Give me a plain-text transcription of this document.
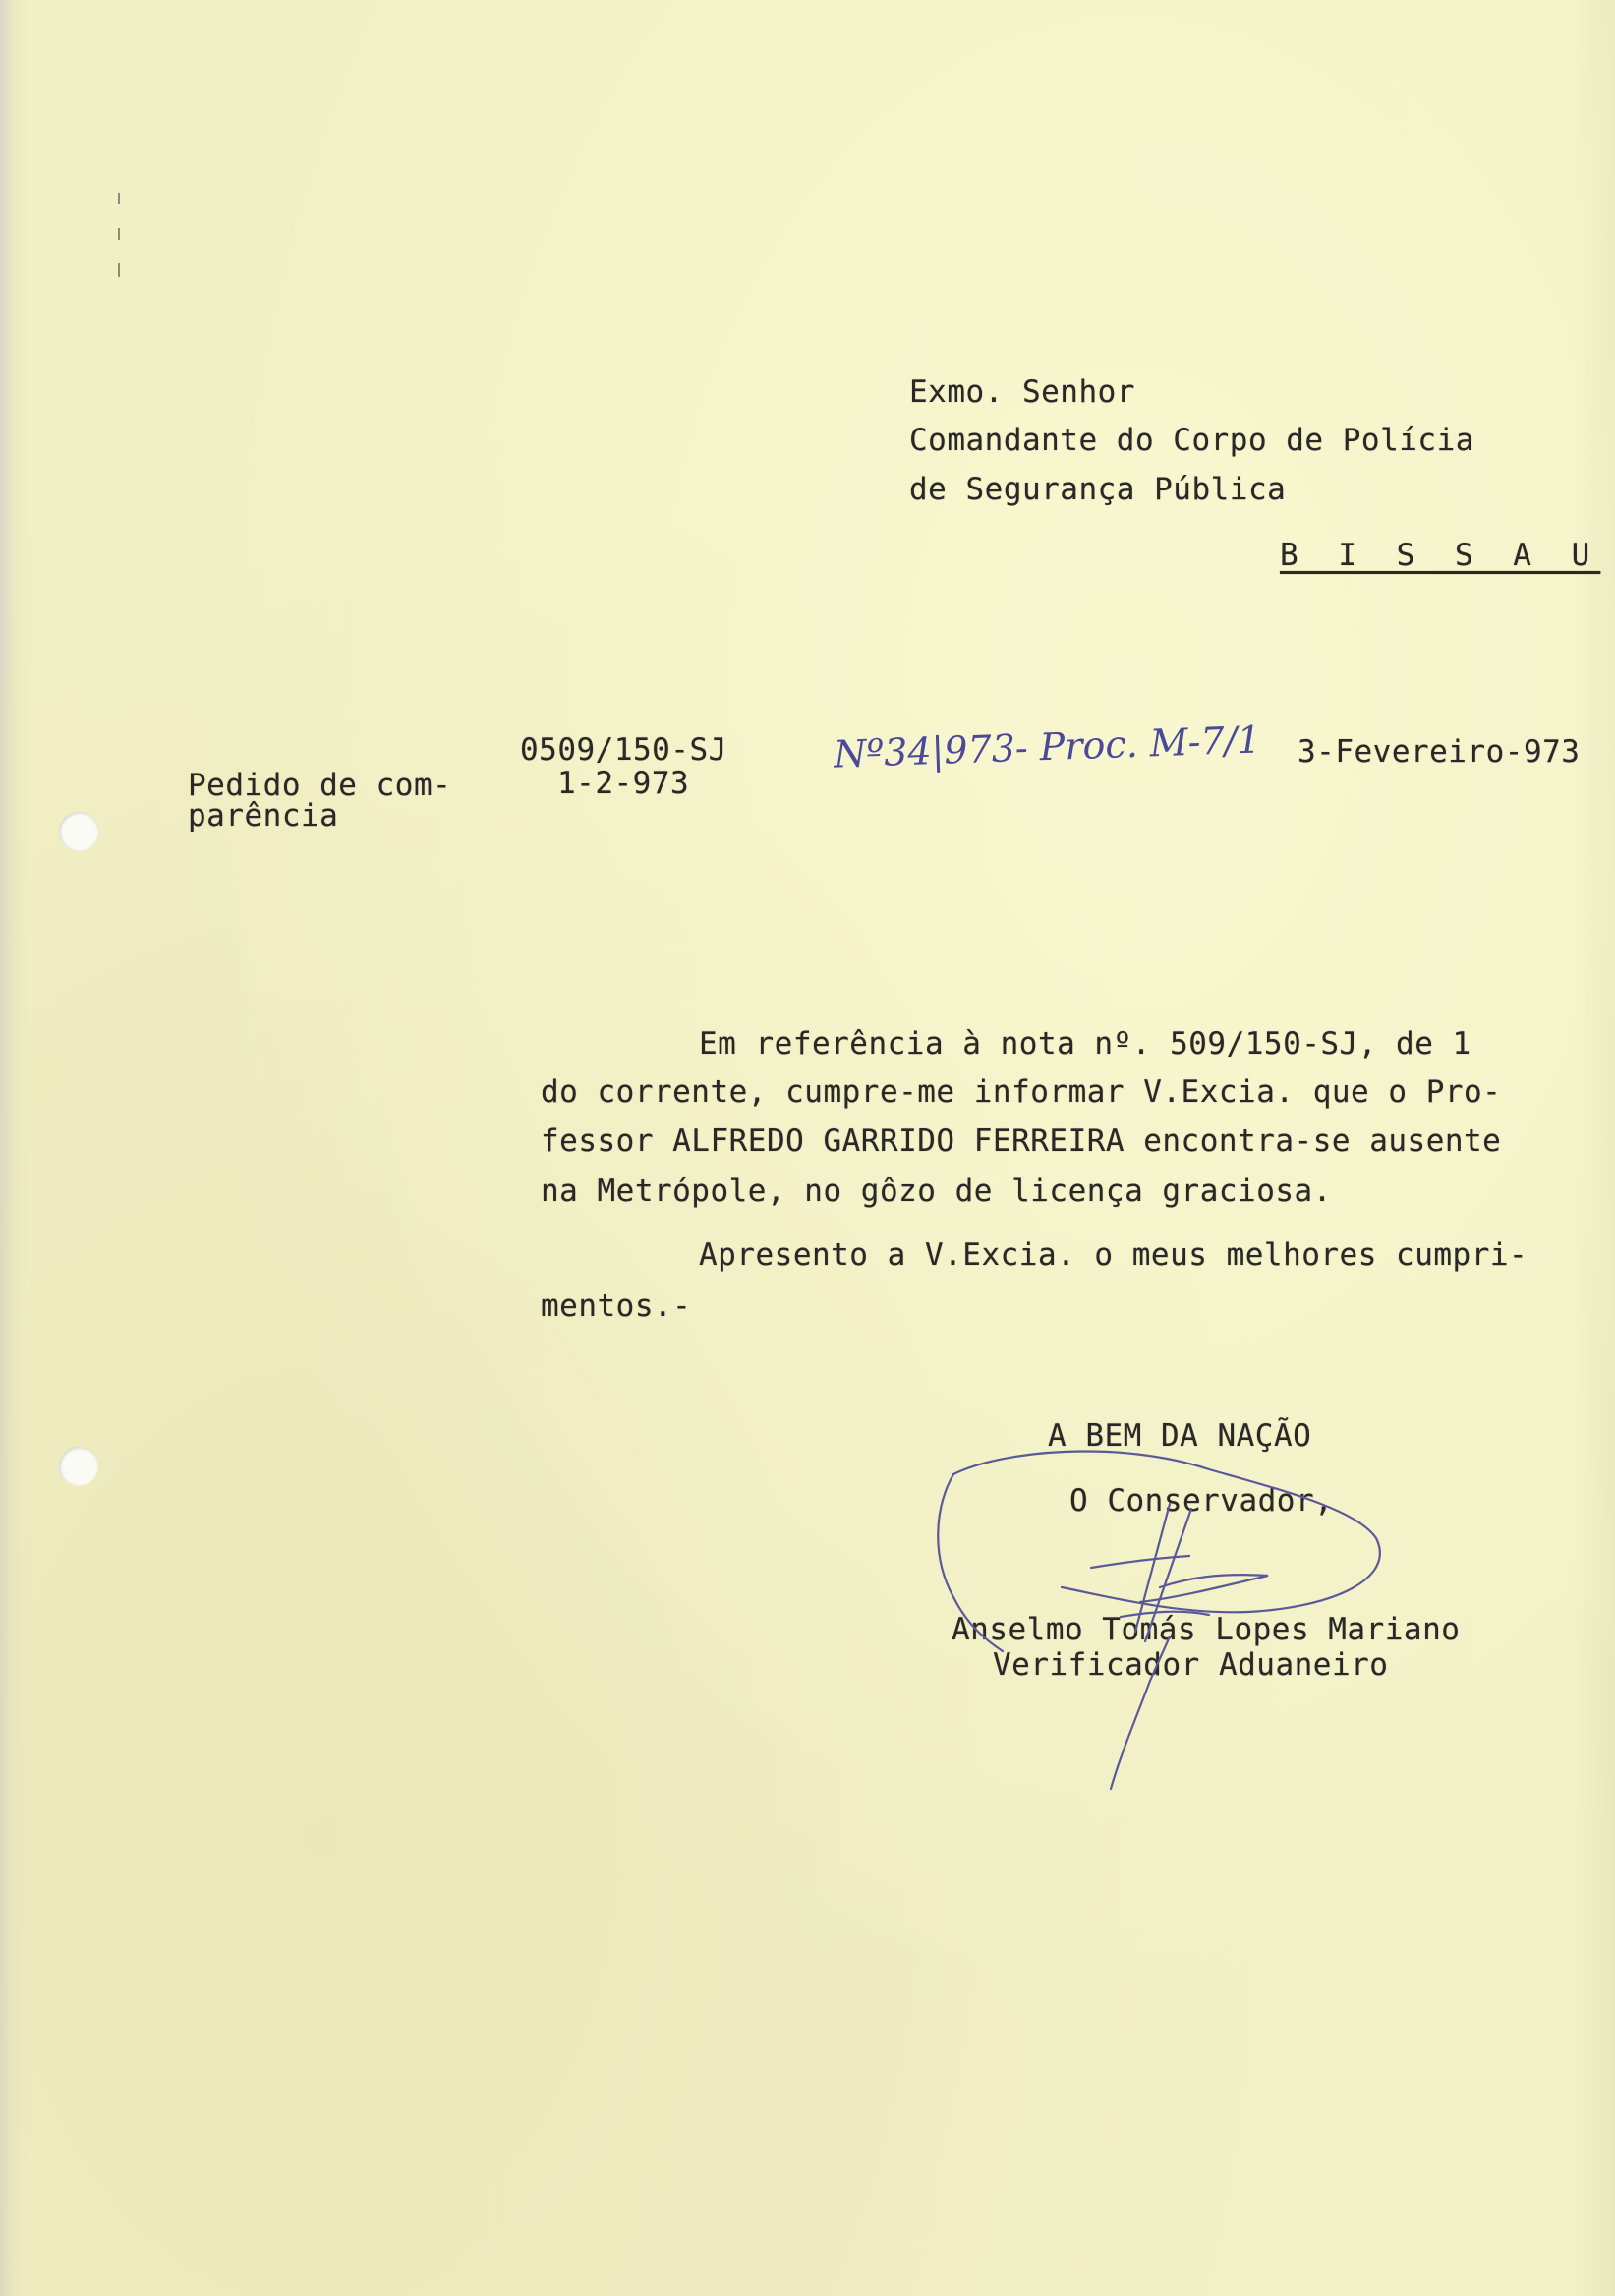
Exmo. Senhor
Comandante do Corpo de Polícia
de Segurança Pública
B I S S A U
Pedido de com-
parência
0509/150-SJ
1-2-973
Nº34|973- Proc. M-7/1 3-Fevereiro-973
Em referência à nota nº. 509/150-SJ, de 1
do corrente, cumpre-me informar V.Excia. que o Pro-
fessor ALFREDO GARRIDO FERREIRA encontra-se ausente
na Metrópole, no gôzo de licença graciosa.
Apresento a V.Excia. o meus melhores cumpri-
mentos.-
A BEM DA NAÇÃO
O Conservador,
Anselmo Tomás Lopes Mariano
Verificador Aduaneiro
